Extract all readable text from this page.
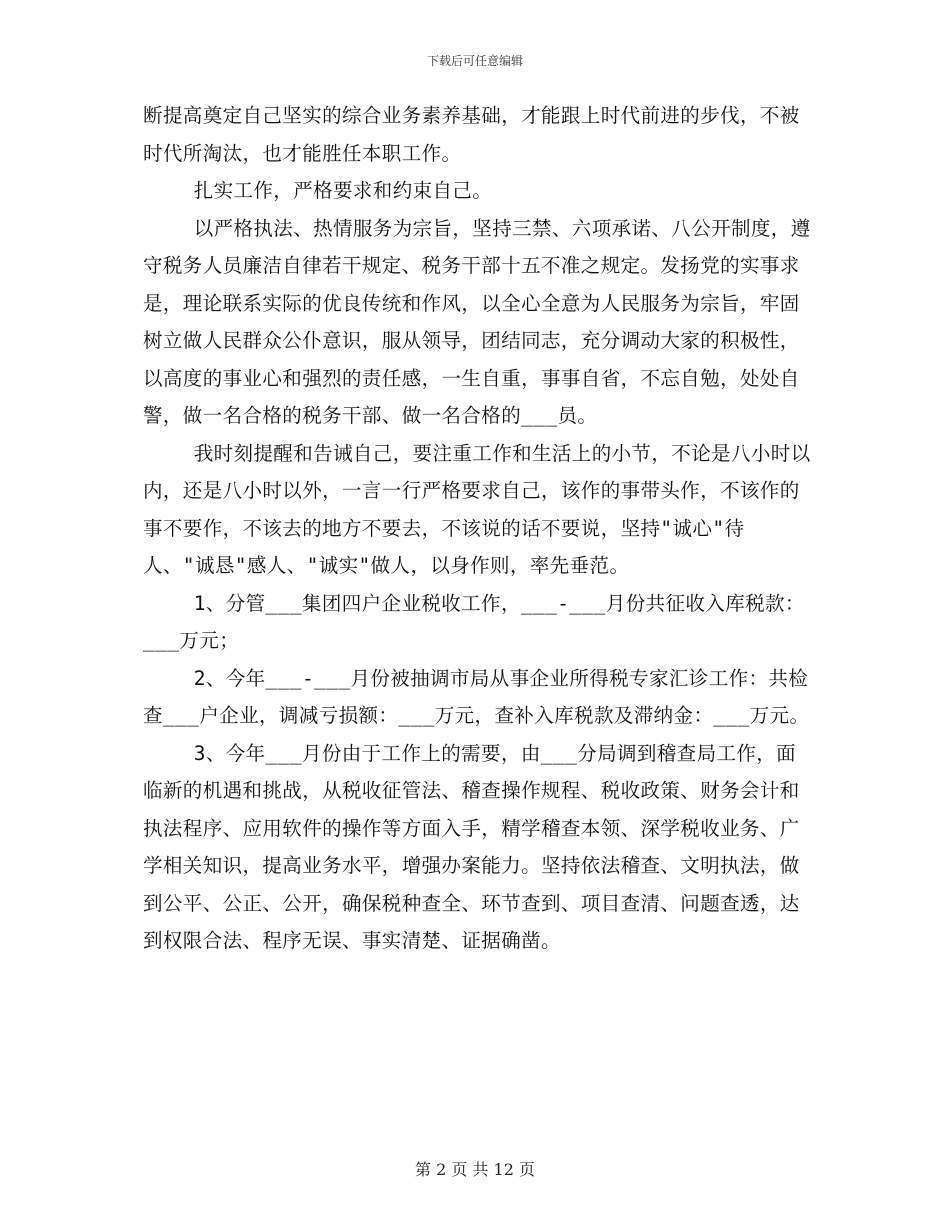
下载后可任意编辑

断提高奠定自己坚实的综合业务素养基础，才能跟上时代前进的步伐，不被时代所淘汰，也才能胜任本职工作。

扎实工作，严格要求和约束自己。

以严格执法、热情服务为宗旨，坚持三禁、六项承诺、八公开制度，遵守税务人员廉洁自律若干规定、税务干部十五不准之规定。发扬党的实事求是，理论联系实际的优良传统和作风，以全心全意为人民服务为宗旨，牢固树立做人民群众公仆意识，服从领导，团结同志，充分调动大家的积极性，以高度的事业心和强烈的责任感，一生自重，事事自省，不忘自勉，处处自警，做一名合格的税务干部、做一名合格的___员。

我时刻提醒和告诫自己，要注重工作和生活上的小节，不论是八小时以内，还是八小时以外，一言一行严格要求自己，该作的事带头作，不该作的事不要作，不该去的地方不要去，不该说的话不要说，坚持"诚心"待人、"诚恳"感人、"诚实"做人，以身作则，率先垂范。

1、分管___集团四户企业税收工作，___-___月份共征收入库税款：___万元；

2、今年___-___月份被抽调市局从事企业所得税专家汇诊工作：共检查___户企业，调减亏损额：___万元，查补入库税款及滞纳金：___万元。

3、今年___月份由于工作上的需要，由___分局调到稽查局工作，面临新的机遇和挑战，从税收征管法、稽查操作规程、税收政策、财务会计和执法程序、应用软件的操作等方面入手，精学稽查本领、深学税收业务、广学相关知识，提高业务水平，增强办案能力。坚持依法稽查、文明执法，做到公平、公正、公开，确保税种查全、环节查到、项目查清、问题查透，达到权限合法、程序无误、事实清楚、证据确凿。

第 2 页 共 12 页
